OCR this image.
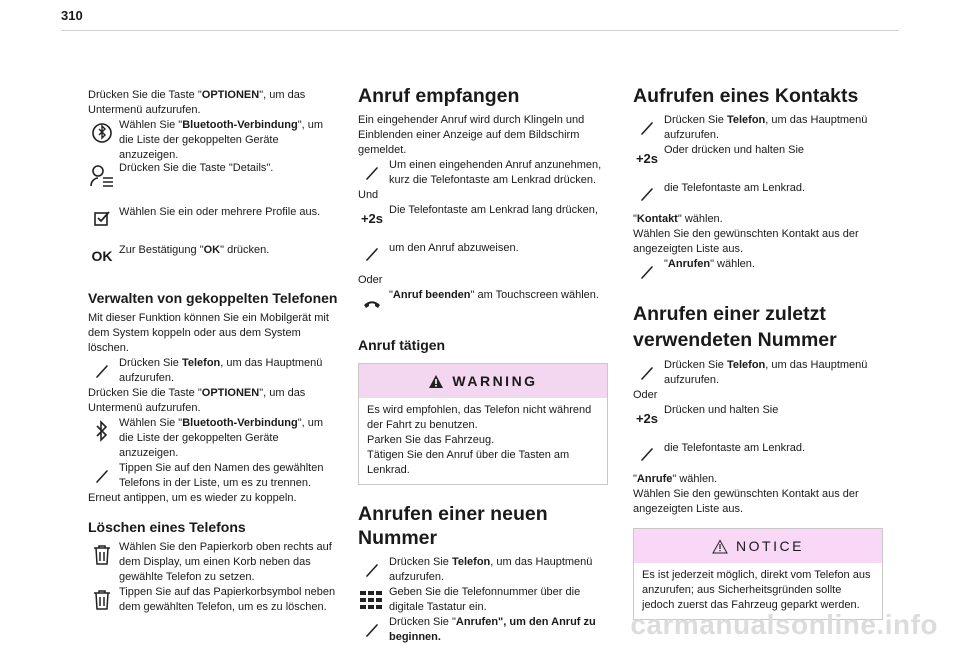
310

Drücken Sie die Taste "OPTIONEN", um das Untermenü aufzurufen.

Wählen Sie "Bluetooth-Verbindung", um die Liste der gekoppelten Geräte anzuzeigen.
Drücken Sie die Taste "Details".
Wählen Sie ein oder mehrere Profile aus.
OK Zur Bestätigung "OK" drücken.
Verwalten von gekoppelten Telefonen

Mit dieser Funktion können Sie ein Mobilgerät mit dem System koppeln oder aus dem System löschen.

Drücken Sie Telefon, um das Hauptmenü aufzurufen.

Drücken Sie die Taste "OPTIONEN", um das Untermenü aufzurufen.

Wählen Sie "Bluetooth-Verbindung", um die Liste der gekoppelten Geräte anzuzeigen.
Tippen Sie auf den Namen des gewählten Telefons in der Liste, um es zu trennen.

Erneut antippen, um es wieder zu koppeln.

Löschen eines Telefons
Wählen Sie den Papierkorb oben rechts auf dem Display, um einen Korb neben das gewählte Telefon zu setzen.
Tippen Sie auf das Papierkorbsymbol neben dem gewählten Telefon, um es zu löschen.
Anruf empfangen

Ein eingehender Anruf wird durch Klingeln und Einblenden einer Anzeige auf dem Bildschirm gemeldet.

Um einen eingehenden Anruf anzunehmen, kurz die Telefontaste am Lenkrad drücken.

Und

+2s
Die Telefontaste am Lenkrad lang drücken,
um den Anruf abzuweisen.

Oder

"Anruf beenden" am Touchscreen wählen.
Anruf tätigen
WARNING
Es wird empfohlen, das Telefon nicht während der Fahrt zu benutzen.
Parken Sie das Fahrzeug.
Tätigen Sie den Anruf über die Tasten am Lenkrad.
Anrufen einer neuen Nummer
Drücken Sie Telefon, um das Hauptmenü aufzurufen.
Geben Sie die Telefonnummer über die digitale Tastatur ein.
Drücken Sie "Anrufen", um den Anruf zu beginnen.
Aufrufen eines Kontakts
Drücken Sie Telefon, um das Hauptmenü aufzurufen.
+2s
Oder drücken und halten Sie
die Telefontaste am Lenkrad.

"Kontakt" wählen.

Wählen Sie den gewünschten Kontakt aus der angezeigten Liste aus.

"Anrufen" wählen.
Anrufen einer zuletzt verwendeten Nummer
Drücken Sie Telefon, um das Hauptmenü aufzurufen.

Oder

+2s
Drücken und halten Sie
die Telefontaste am Lenkrad.

"Anrufe" wählen.

Wählen Sie den gewünschten Kontakt aus der angezeigten Liste aus.

NOTICE
Es ist jederzeit möglich, direkt vom Telefon aus anzurufen; aus Sicherheitsgründen sollte jedoch zuerst das Fahrzeug geparkt werden.
carmanualsonline.info
